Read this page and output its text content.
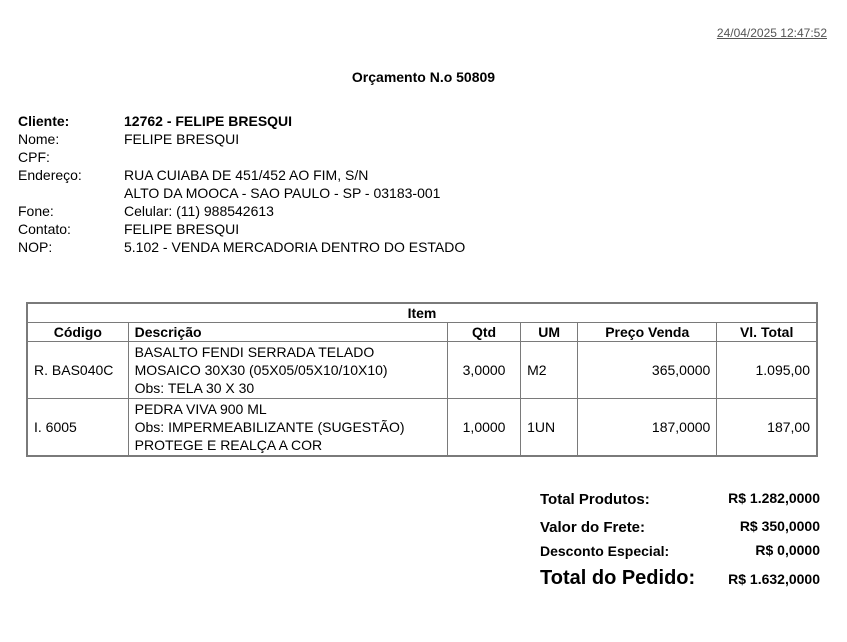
24/04/2025 12:47:52
Orçamento N.o 50809
Cliente:	12762 - FELIPE BRESQUI
Nome:	FELIPE BRESQUI
CPF:	
Endereço:	RUA CUIABA DE 451/452 AO FIM, S/N
	ALTO DA MOOCA - SAO PAULO - SP - 03183-001
Fone:	Celular: (11) 988542613
Contato:	FELIPE BRESQUI
NOP:	5.102 - VENDA MERCADORIA DENTRO DO ESTADO
Item					
Código	Descrição	Qtd	UM	Preço Venda	Vl. Total
R. BAS040C	BASALTO FENDI SERRADA TELADO
MOSAICO 30X30 (05X05/05X10/10X10)
Obs: TELA 30 X 30	3,0000	M2	365,0000	1.095,00
I. 6005	PEDRA VIVA 900 ML
Obs: IMPERMEABILIZANTE (SUGESTÃO)
PROTEGE E REALÇA A COR	1,0000	1UN	187,0000	187,00
Total Produtos:	R$ 1.282,0000
Valor do Frete:	R$ 350,0000
Desconto Especial:	R$ 0,0000
Total do Pedido: R$ 1.632,0000
